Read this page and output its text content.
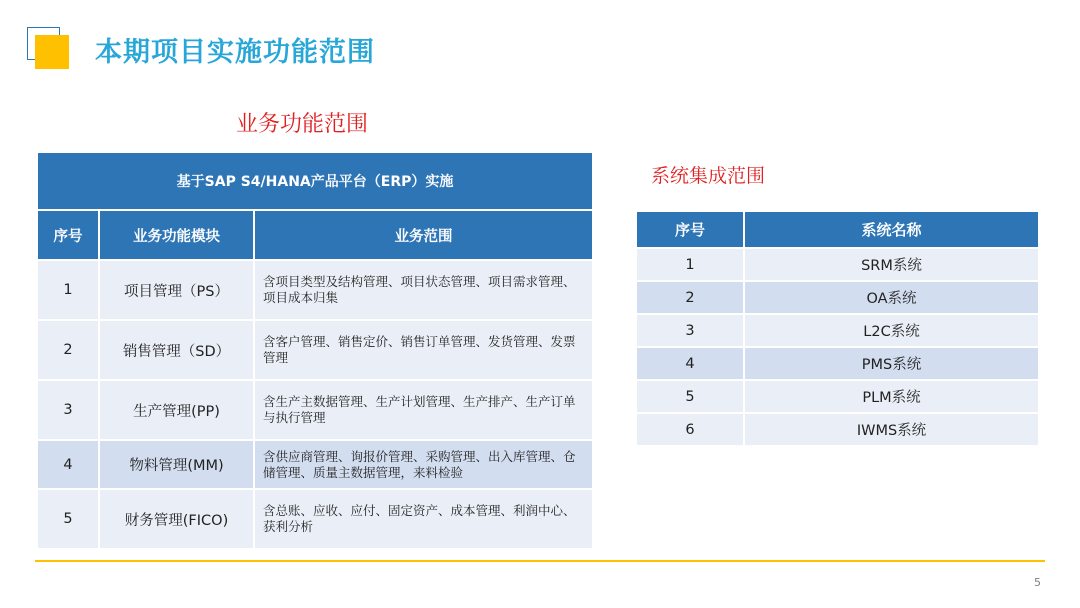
本期项目实施功能范围
业务功能范围
基于SAP S4/HANA产品平台（ERP）实施		
序号	业务功能模块	业务范围
1	项目管理（PS）	含项目类型及结构管理、项目状态管理、项目需求管理、项目成本归集
2	销售管理（SD）	含客户管理、销售定价、销售订单管理、发货管理、发票管理
3	生产管理(PP)	含生产主数据管理、生产计划管理、生产排产、生产订单与执行管理
4	物料管理(MM)	含供应商管理、询报价管理、采购管理、出入库管理、仓储管理、质量主数据管理，来料检验
5	财务管理(FICO)	含总账、应收、应付、固定资产、成本管理、利润中心、获利分析
系统集成范围
序号	系统名称
1	SRM系统
2	OA系统
3	L2C系统
4	PMS系统
5	PLM系统
6	IWMS系统
5
